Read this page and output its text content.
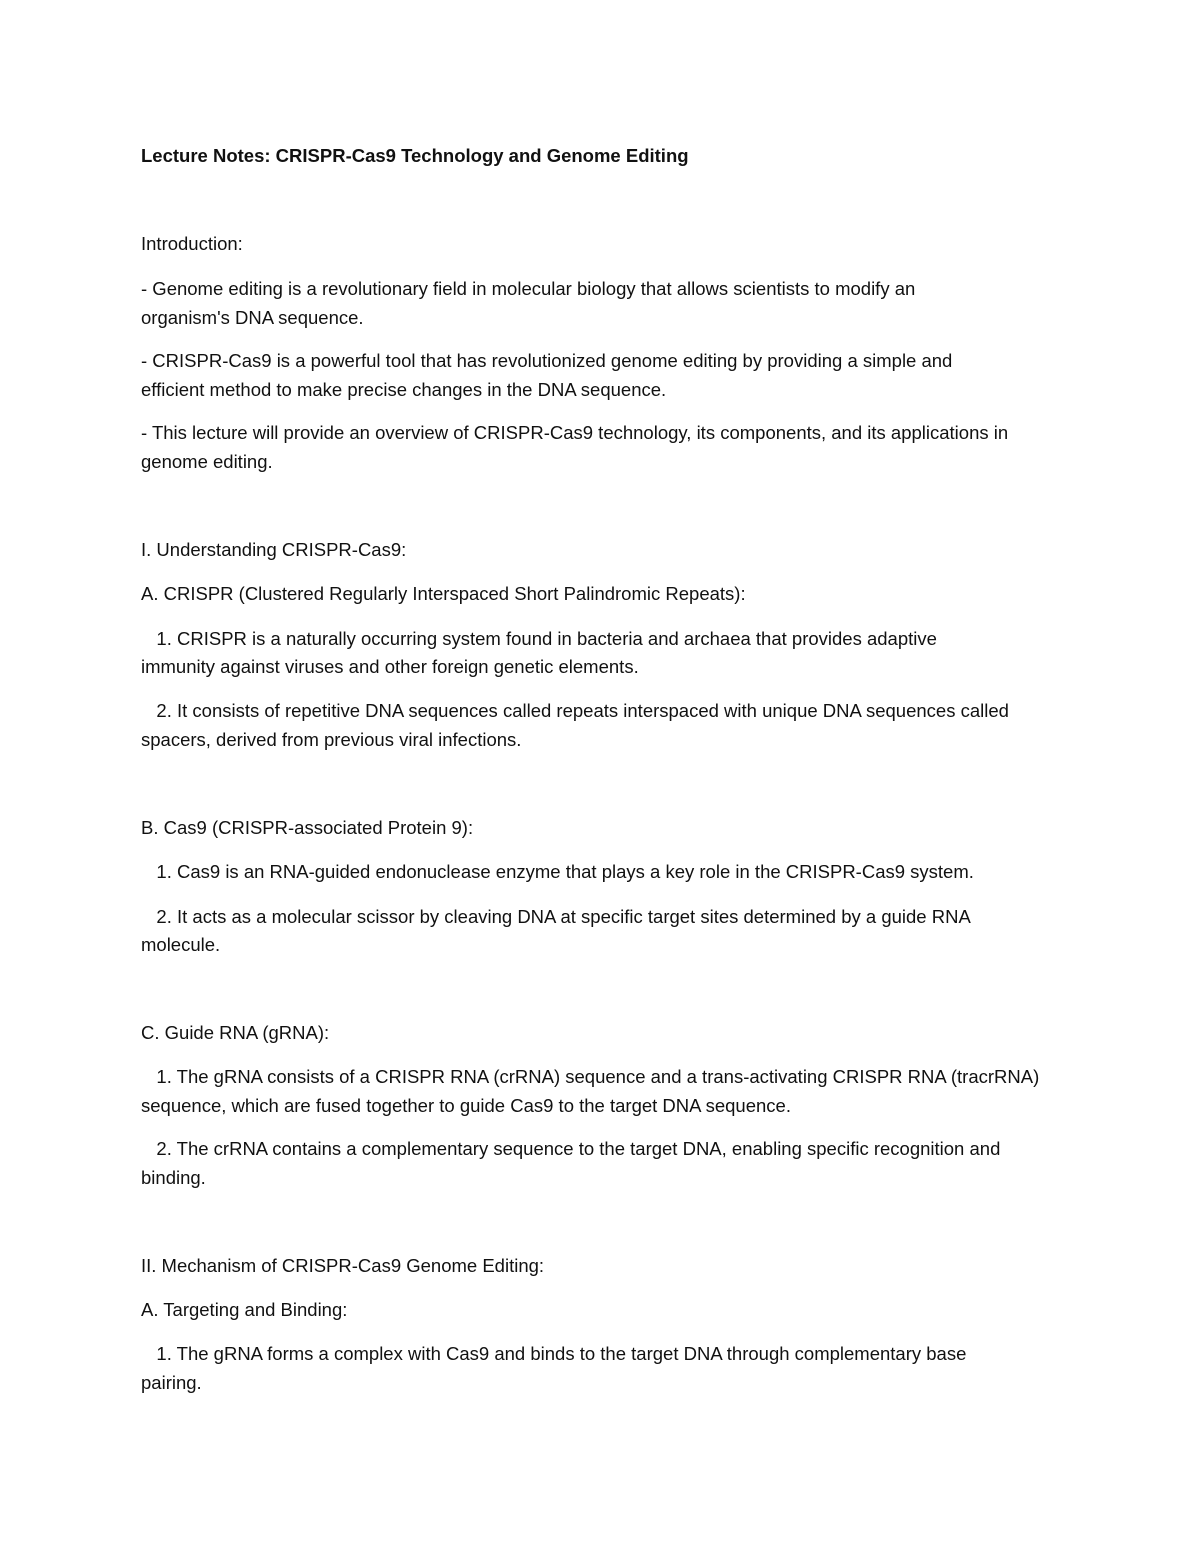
Lecture Notes: CRISPR-Cas9 Technology and Genome Editing
Introduction:
- Genome editing is a revolutionary field in molecular biology that allows scientists to modify an
organism's DNA sequence.
- CRISPR-Cas9 is a powerful tool that has revolutionized genome editing by providing a simple and
efficient method to make precise changes in the DNA sequence.
- This lecture will provide an overview of CRISPR-Cas9 technology, its components, and its applications in
genome editing.
I. Understanding CRISPR-Cas9:
A. CRISPR (Clustered Regularly Interspaced Short Palindromic Repeats):
1. CRISPR is a naturally occurring system found in bacteria and archaea that provides adaptive
immunity against viruses and other foreign genetic elements.
2. It consists of repetitive DNA sequences called repeats interspaced with unique DNA sequences called
spacers, derived from previous viral infections.
B. Cas9 (CRISPR-associated Protein 9):
1. Cas9 is an RNA-guided endonuclease enzyme that plays a key role in the CRISPR-Cas9 system.
2. It acts as a molecular scissor by cleaving DNA at specific target sites determined by a guide RNA
molecule.
C. Guide RNA (gRNA):
1. The gRNA consists of a CRISPR RNA (crRNA) sequence and a trans-activating CRISPR RNA (tracrRNA)
sequence, which are fused together to guide Cas9 to the target DNA sequence.
2. The crRNA contains a complementary sequence to the target DNA, enabling specific recognition and
binding.
II. Mechanism of CRISPR-Cas9 Genome Editing:
A. Targeting and Binding:
1. The gRNA forms a complex with Cas9 and binds to the target DNA through complementary base
pairing.
